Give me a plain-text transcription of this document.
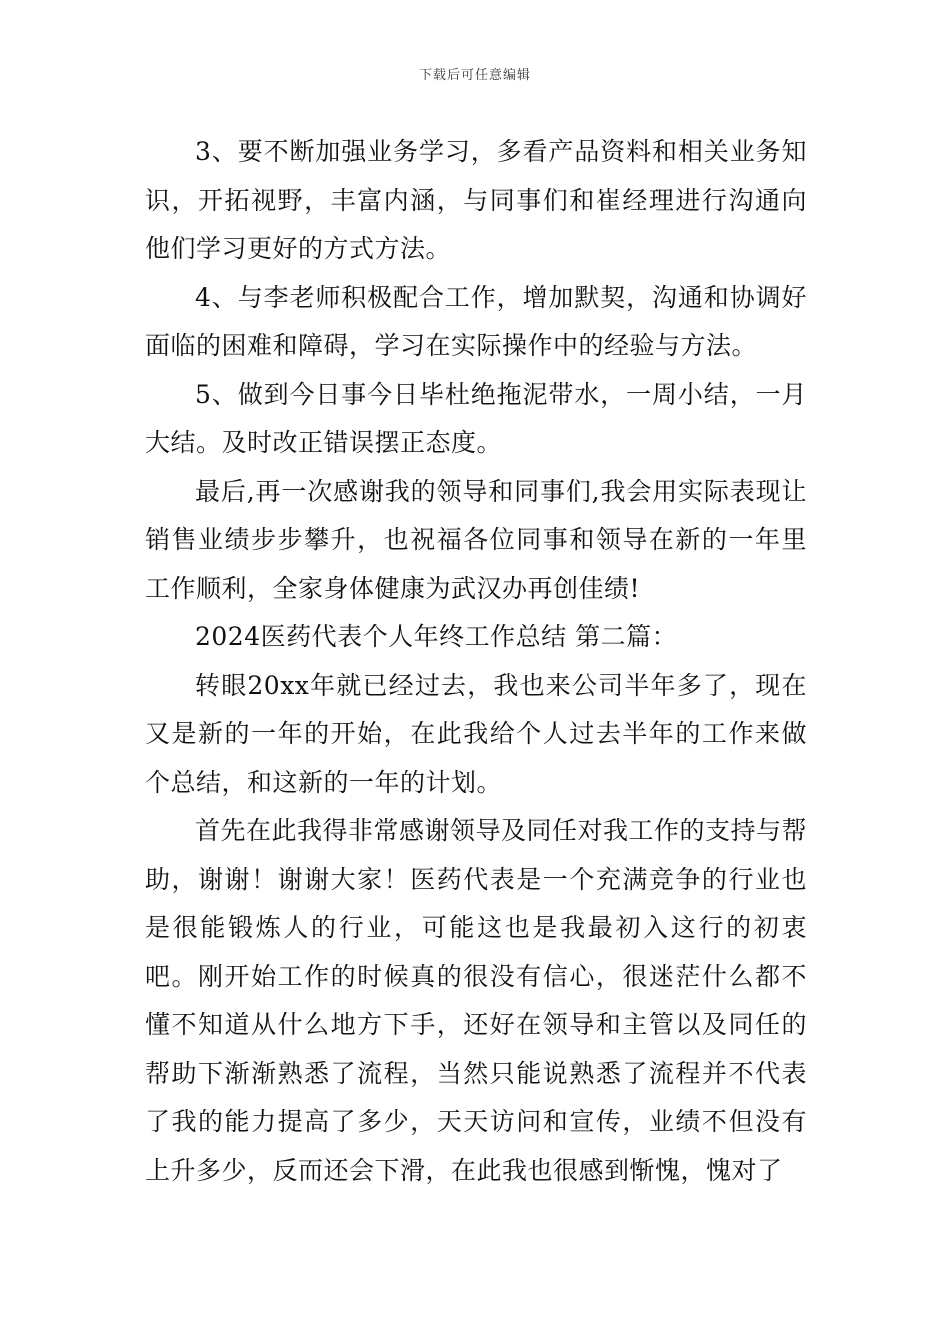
下载后可任意编辑

3、要不断加强业务学习，多看产品资料和相关业务知识，开拓视野，丰富内涵，与同事们和崔经理进行沟通向他们学习更好的方式方法。

4、与李老师积极配合工作，增加默契，沟通和协调好面临的困难和障碍，学习在实际操作中的经验与方法。

5、做到今日事今日毕杜绝拖泥带水，一周小结，一月大结。及时改正错误摆正态度。

最后,再一次感谢我的领导和同事们,我会用实际表现让销售业绩步步攀升，也祝福各位同事和领导在新的一年里工作顺利，全家身体健康为武汉办再创佳绩!

2024医药代表个人年终工作总结 第二篇：

转眼20xx年就已经过去，我也来公司半年多了，现在又是新的一年的开始，在此我给个人过去半年的工作来做个总结，和这新的一年的计划。

首先在此我得非常感谢领导及同任对我工作的支持与帮助，谢谢！谢谢大家！医药代表是一个充满竞争的行业也是很能锻炼人的行业，可能这也是我最初入这行的初衷吧。刚开始工作的时候真的很没有信心，很迷茫什么都不懂不知道从什么地方下手，还好在领导和主管以及同任的帮助下渐渐熟悉了流程，当然只能说熟悉了流程并不代表了我的能力提高了多少，天天访问和宣传，业绩不但没有上升多少，反而还会下滑，在此我也很感到惭愧，愧对了
